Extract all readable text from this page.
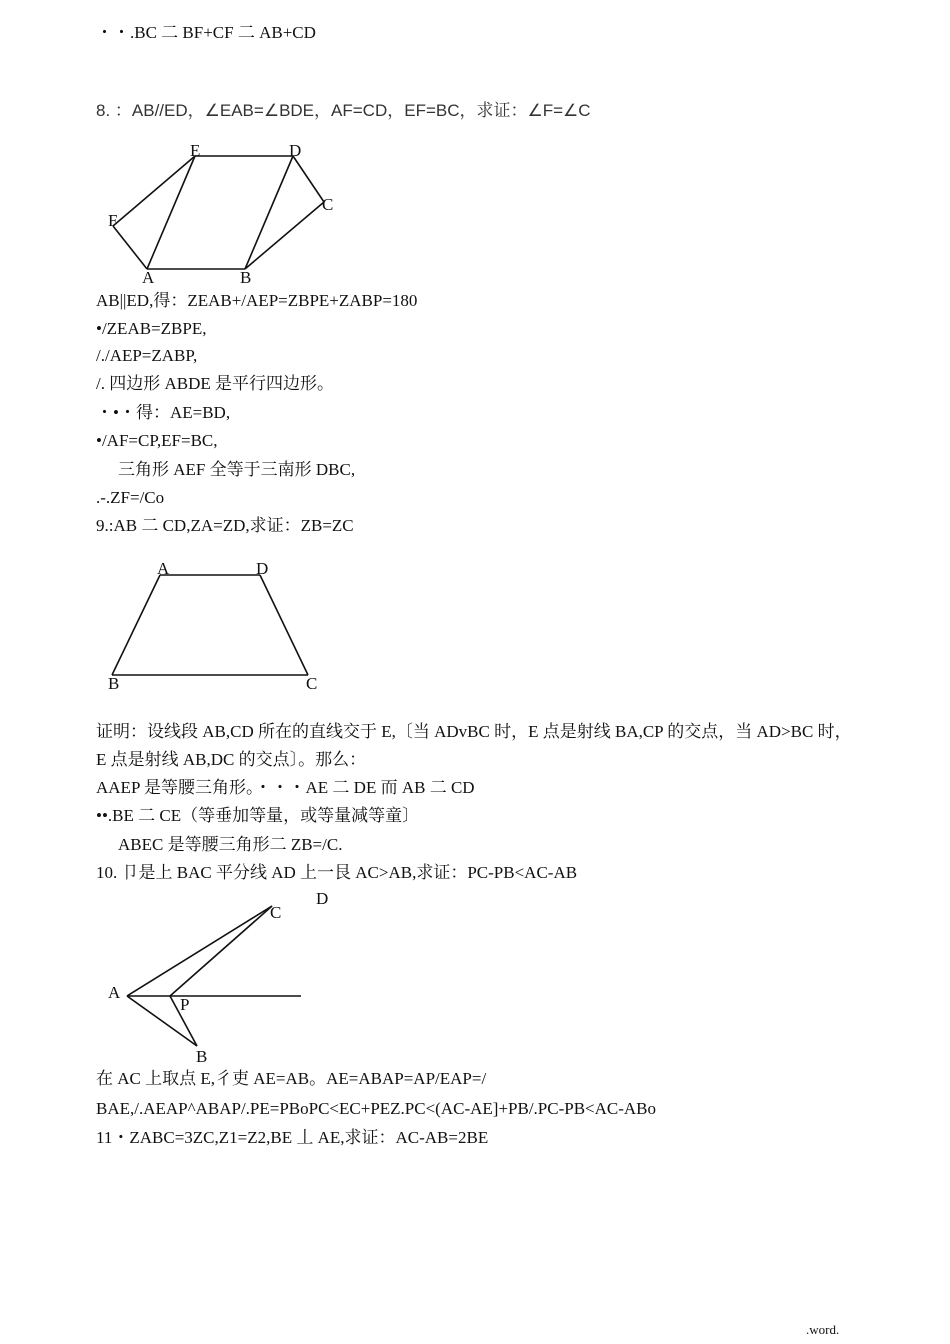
・・.BC 二 BF+CF 二 AB+CD
8. ：AB//ED，∠EAB=∠BDE，AF=CD，EF=BC，求证：∠F=∠C
E	D
F
C
A	B
AB||ED,得：ZEAB+/AEP=ZBPE+ZABP=180
•/ZEAB=ZBPE,
/./AEP=ZABP,
/. 四边形 ABDE 是平行四边形。
・•・得：AE=BD,
•/AF=CP,EF=BC,
三角形 AEF 全等于三南形 DBC,
.-.ZF=/Co
9.:AB 二 CD,ZA=ZD,求证：ZB=ZC
A	D
B	C
证明：设线段 AB,CD 所在的直线交于 E,〔当 ADvBC 时，E 点是射线 BA,CP 的交点，当 AD>BC 时，E 点是射线 AB,DC 的交点〕。那么：
AAEP 是等腰三角形。・・・AE 二 DE 而 AB 二 CD
••.BE 二 CE（等垂加等量，或等量减等童〕
ABEC 是等腰三角形二 ZB=/C.
10. 卩是上 BAC 平分线 AD 上一艮 AC>AB,求证：PC-PB<AC-AB
D
C
A
P
B
在 AC 上取点 E,彳吏 AE=AB。AE=ABAP=AP/EAP=/
BAE,/.AEAP^ABAP/.PE=PBoPC<EC+PEZ.PC<(AC-AE]+PB/.PC-PB<AC-ABo
11・ZABC=3ZC,Z1=Z2,BE 丄 AE,求证：AC-AB=2BE
.word.
